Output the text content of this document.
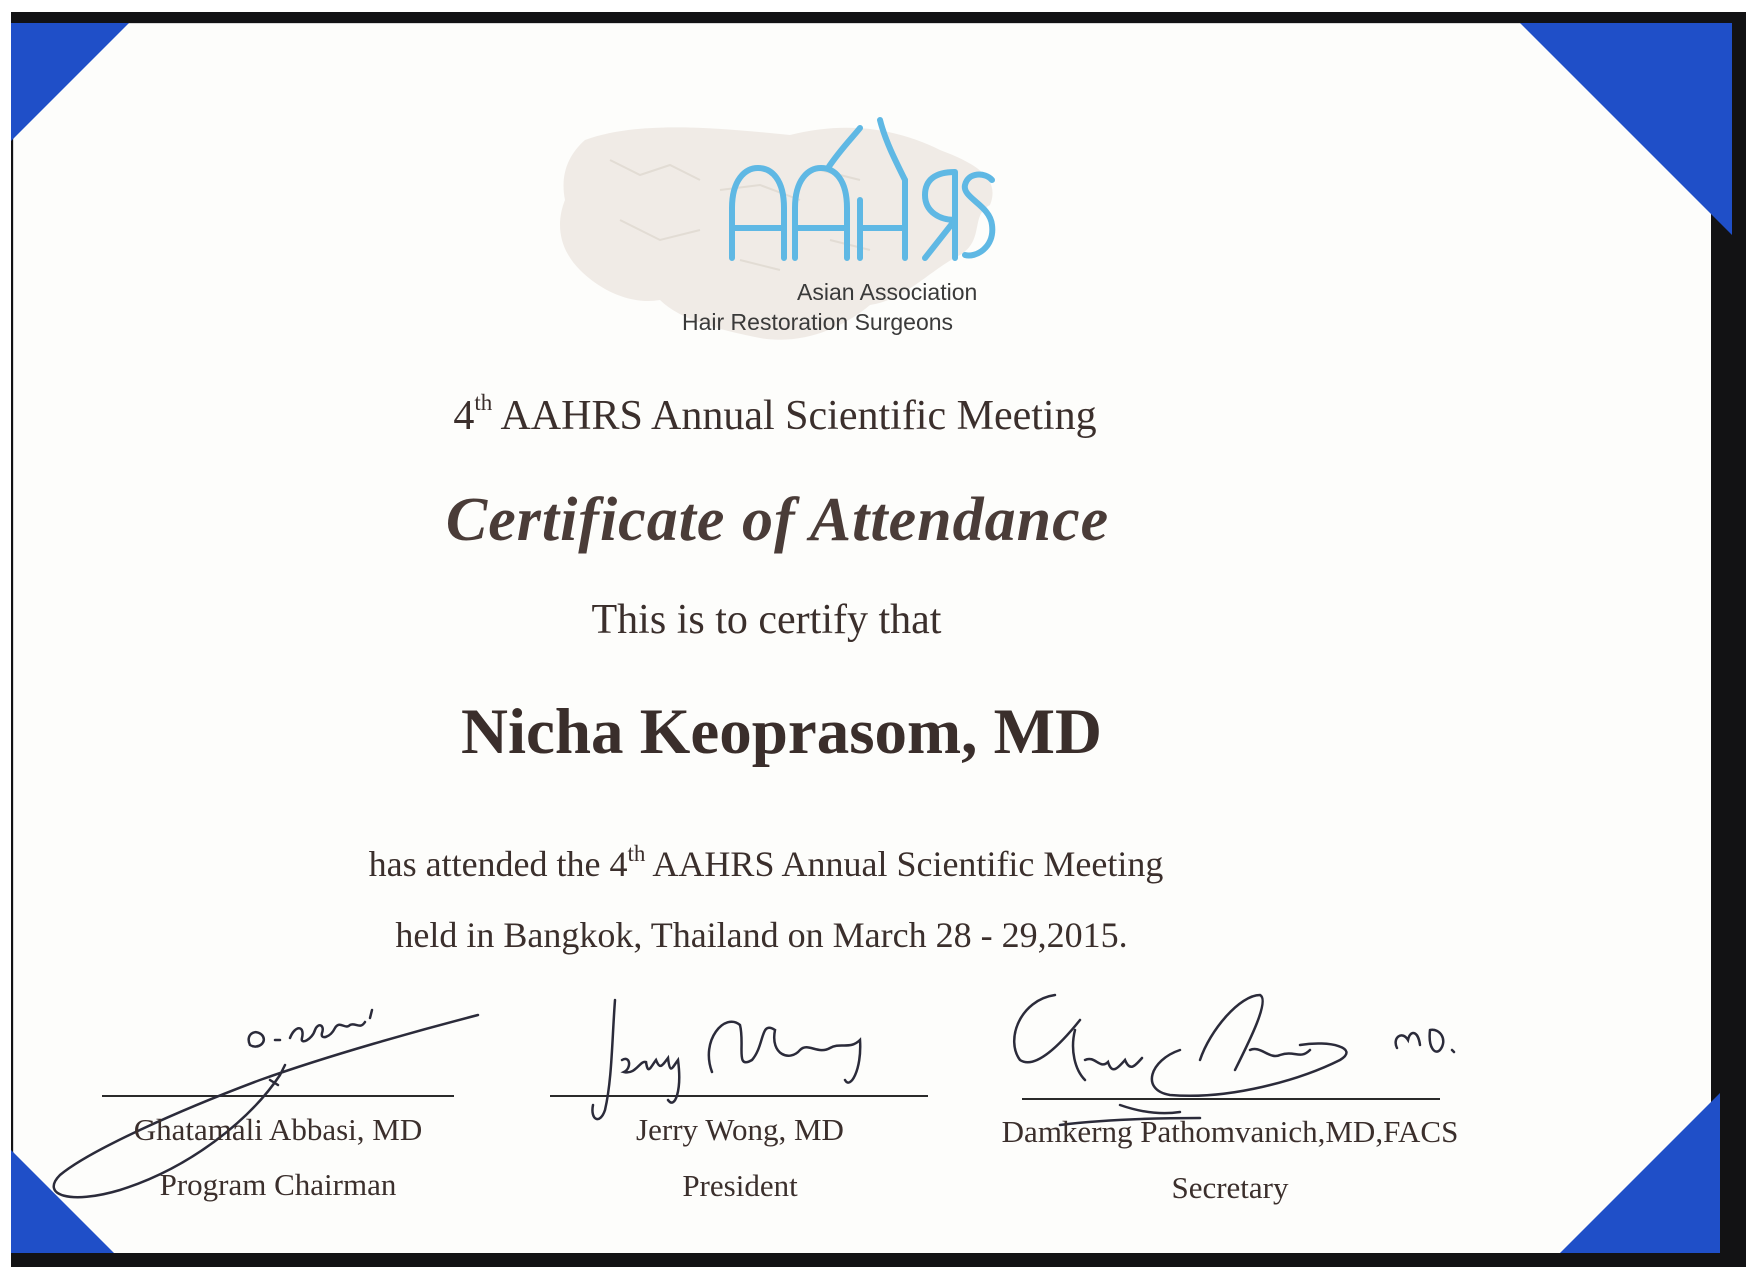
Asian Association
Hair Restoration Surgeons
4th AAHRS Annual Scientific Meeting
Certificate of Attendance
This is to certify that
Nicha Keoprasom, MD
has attended the 4th AAHRS Annual Scientific Meeting
held in Bangkok, Thailand on March 28 - 29,2015.
Ghatamali Abbasi, MD
Program Chairman
Jerry Wong, MD
President
Damkerng Pathomvanich,MD,FACS
Secretary
